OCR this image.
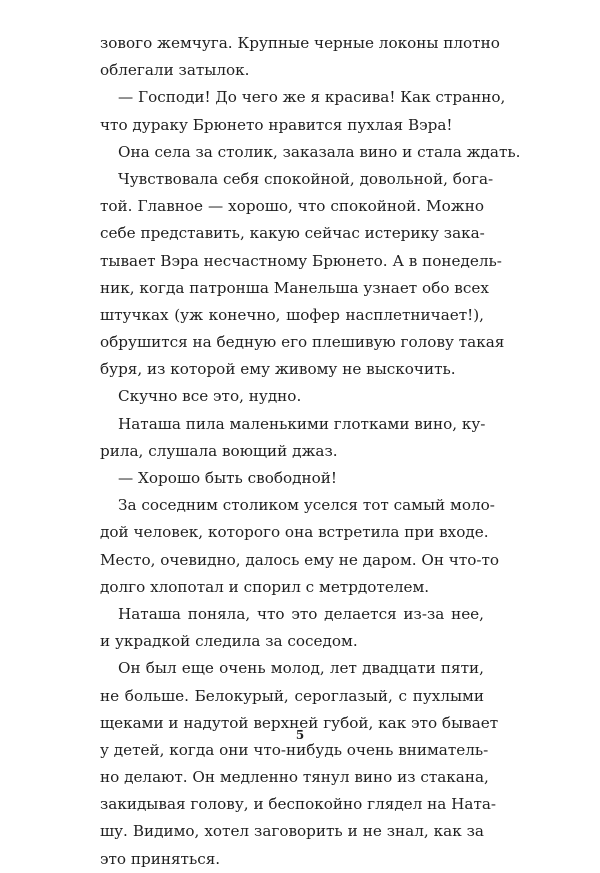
зового жемчуга. Крупные черные локоны плотно
облегали затылок.
— Господи! До чего же я красива! Как странно,
что дураку Брюнето нравится пухлая Вэра!
Она села за столик, заказала вино и стала ждать.
Чувствовала себя спокойной, довольной, бога-
той. Главное — хорошо, что спокойной. Можно
себе представить, какую сейчас истерику зака-
тывает Вэра несчастному Брюнето. А в понедель-
ник, когда патронша Манельша узнает обо всех
штучках (уж конечно, шофер насплетничает!),
обрушится на бедную его плешивую голову такая
буря, из которой ему живому не выскочить.
Скучно все это, нудно.
Наташа пила маленькими глотками вино, ку-
рила, слушала воющий джаз.
— Хорошо быть свободной!
За соседним столиком уселся тот самый моло-
дой человек, которого она встретила при входе.
Место, очевидно, далось ему не даром. Он что-то
долго хлопотал и спорил с метрдотелем.
Наташа поняла, что это делается из-за нее,
и украдкой следила за соседом.
Он был еще очень молод, лет двадцати пяти,
не больше. Белокурый, сероглазый, с пухлыми
щеками и надутой верхней губой, как это бывает
у детей, когда они что-нибудь очень вниматель-
но делают. Он медленно тянул вино из стакана,
закидывая голову, и беспокойно глядел на Ната-
шу. Видимо, хотел заговорить и не знал, как за
это приняться.
5
